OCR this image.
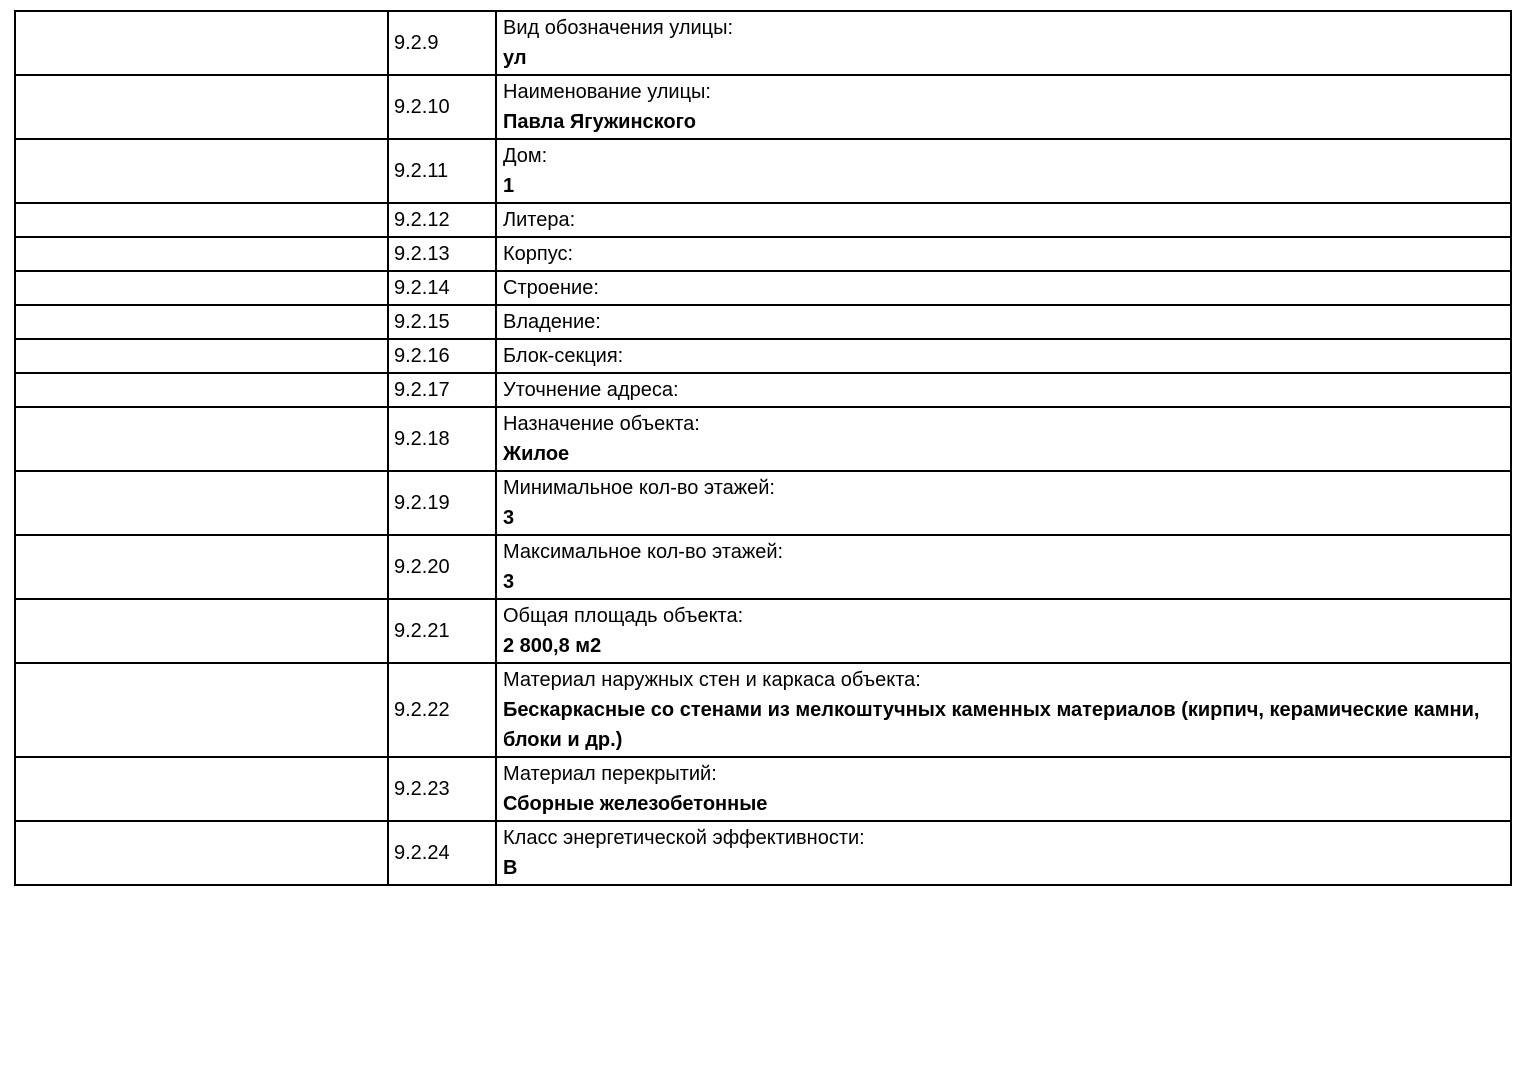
	9.2.9	Вид обозначения улицы:
ул

	9.2.10	Наименование улицы:
Павла Ягужинского

	9.2.11	Дом:
1

	9.2.12	Литера:

	9.2.13	Корпус:

	9.2.14	Строение:

	9.2.15	Владение:

	9.2.16	Блок-секция:

	9.2.17	Уточнение адреса:

	9.2.18	Назначение объекта:
Жилое

	9.2.19	Минимальное кол-во этажей:
3

	9.2.20	Максимальное кол-во этажей:
3

	9.2.21	Общая площадь объекта:
2 800,8 м2

	9.2.22	Материал наружных стен и каркаса объекта:
Бескаркасные со стенами из мелкоштучных каменных материалов (кирпич, керамические камни, блоки и др.)

	9.2.23	Материал перекрытий:
Сборные железобетонные

	9.2.24	Класс энергетической эффективности:
В
